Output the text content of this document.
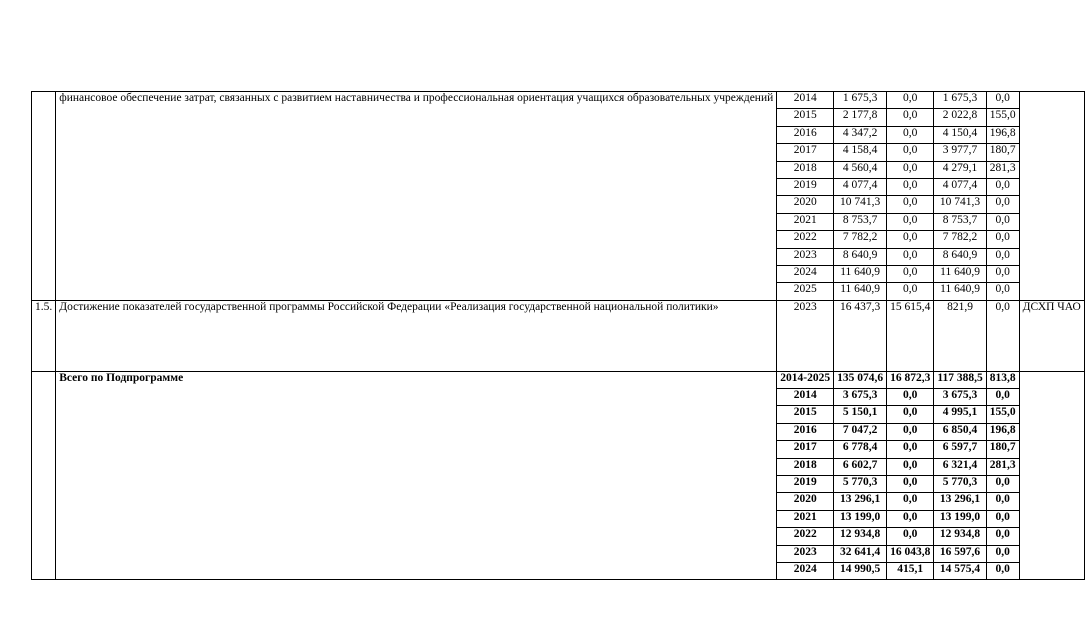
	финансовое обеспечение затрат, связанных с развитием наставничества и профессиональная ориентация учащихся образовательных учреждений	2014	1 675,3	0,0	1 675,3	0,0	
		2015	2 177,8	0,0	2 022,8	155,0	
		2016	4 347,2	0,0	4 150,4	196,8	
		2017	4 158,4	0,0	3 977,7	180,7	
		2018	4 560,4	0,0	4 279,1	281,3	
		2019	4 077,4	0,0	4 077,4	0,0	
		2020	10 741,3	0,0	10 741,3	0,0	
		2021	8 753,7	0,0	8 753,7	0,0	
		2022	7 782,2	0,0	7 782,2	0,0	
		2023	8 640,9	0,0	8 640,9	0,0	
		2024	11 640,9	0,0	11 640,9	0,0	
		2025	11 640,9	0,0	11 640,9	0,0	
1.5.	Достижение показателей государственной программы Российской Федерации «Реализация государственной национальной политики»	2023	16 437,3	15 615,4	821,9	0,0	ДСХП ЧАО
	Всего по Подпрограмме	2014-2025	135 074,6	16 872,3	117 388,5	813,8	
		2014	3 675,3	0,0	3 675,3	0,0	
		2015	5 150,1	0,0	4 995,1	155,0	
		2016	7 047,2	0,0	6 850,4	196,8	
		2017	6 778,4	0,0	6 597,7	180,7	
		2018	6 602,7	0,0	6 321,4	281,3	
		2019	5 770,3	0,0	5 770,3	0,0	
		2020	13 296,1	0,0	13 296,1	0,0	
		2021	13 199,0	0,0	13 199,0	0,0	
		2022	12 934,8	0,0	12 934,8	0,0	
		2023	32 641,4	16 043,8	16 597,6	0,0	
		2024	14 990,5	415,1	14 575,4	0,0	
